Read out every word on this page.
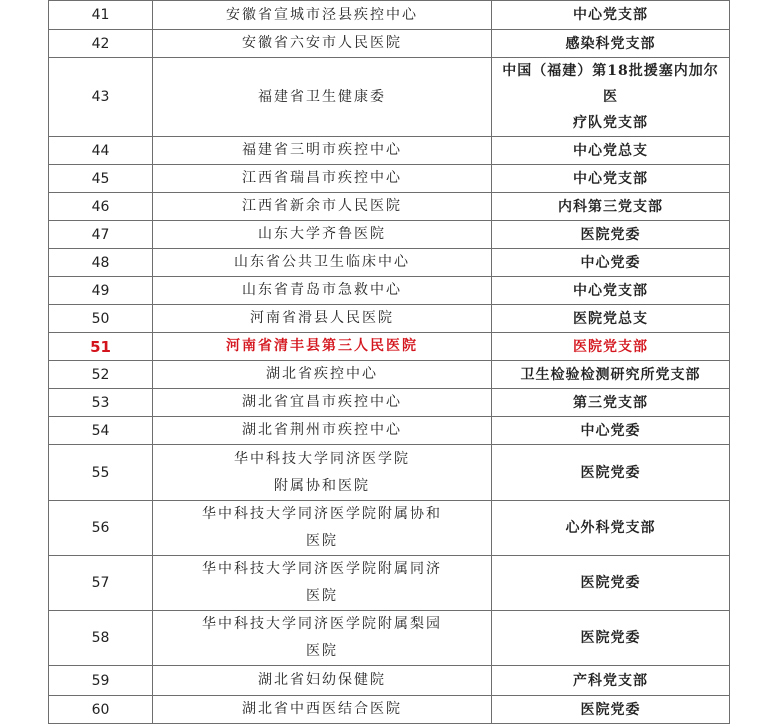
41	安徽省宣城市泾县疾控中心	中心党支部

42	安徽省六安市人民医院	感染科党支部

43	福建省卫生健康委	中国（福建）第18批援塞内加尔医
疗队党支部

44	福建省三明市疾控中心	中心党总支

45	江西省瑞昌市疾控中心	中心党支部

46	江西省新余市人民医院	内科第三党支部

47	山东大学齐鲁医院	医院党委

48	山东省公共卫生临床中心	中心党委

49	山东省青岛市急救中心	中心党支部

50	河南省滑县人民医院	医院党总支

51	河南省清丰县第三人民医院	医院党支部

52	湖北省疾控中心	卫生检验检测研究所党支部

53	湖北省宜昌市疾控中心	第三党支部

54	湖北省荆州市疾控中心	中心党委

55	华中科技大学同济医学院
附属协和医院	医院党委

56	华中科技大学同济医学院附属协和
医院	心外科党支部

57	华中科技大学同济医学院附属同济
医院	医院党委

58	华中科技大学同济医学院附属梨园
医院	医院党委

59	湖北省妇幼保健院	产科党支部

60	湖北省中西医结合医院	医院党委
